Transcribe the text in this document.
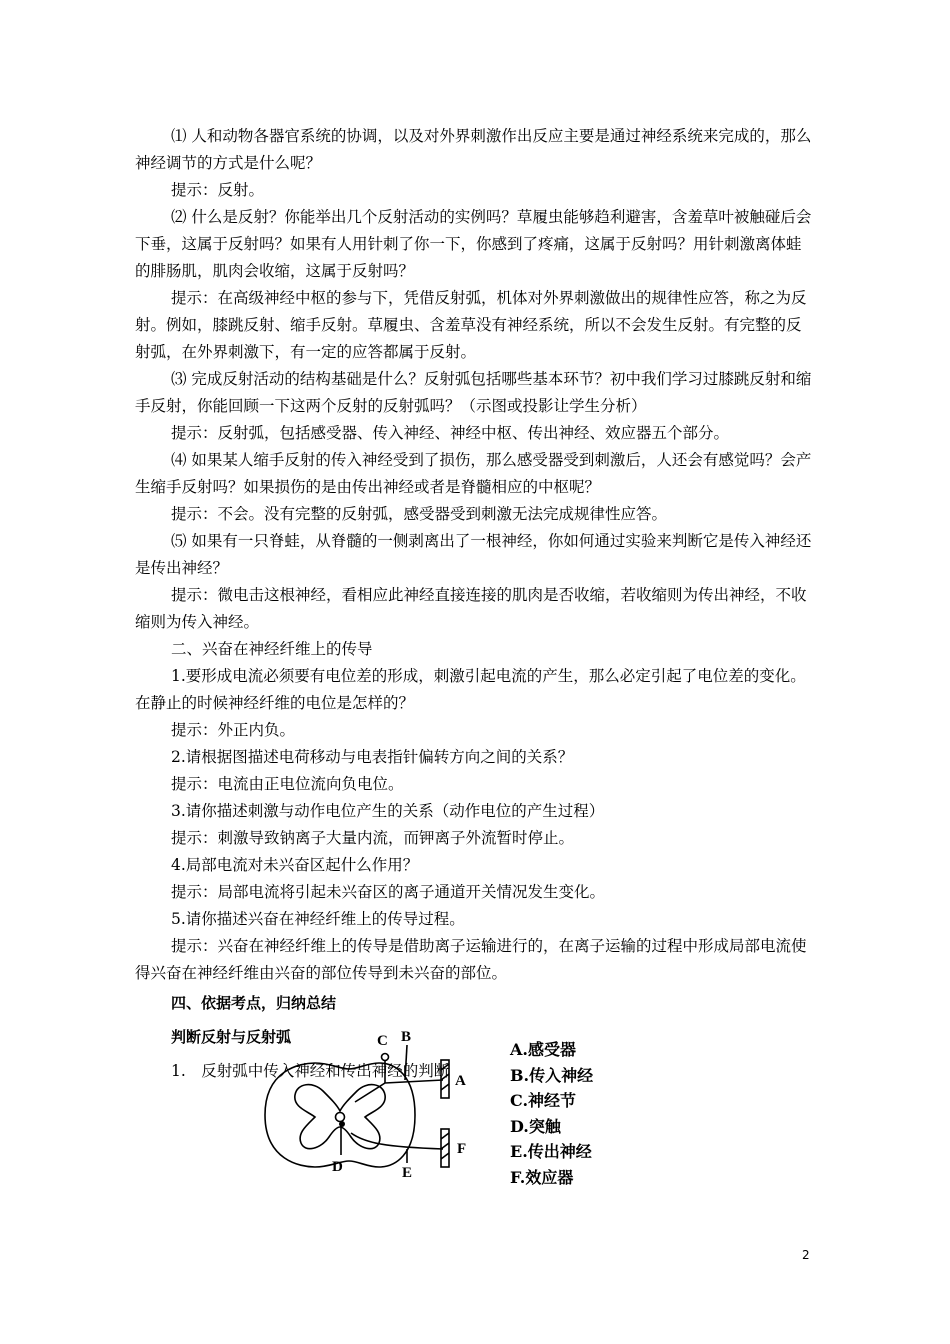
⑴ 人和动物各器官系统的协调，以及对外界刺激作出反应主要是通过神经系统来完成的，那么神经调节的方式是什么呢？

提示：反射。

⑵ 什么是反射？你能举出几个反射活动的实例吗？草履虫能够趋利避害，含羞草叶被触碰后会下垂，这属于反射吗？如果有人用针刺了你一下，你感到了疼痛，这属于反射吗？用针刺激离体蛙的腓肠肌，肌肉会收缩，这属于反射吗？

提示：在高级神经中枢的参与下，凭借反射弧，机体对外界刺激做出的规律性应答，称之为反射。例如，膝跳反射、缩手反射。草履虫、含羞草没有神经系统，所以不会发生反射。有完整的反射弧，在外界刺激下，有一定的应答都属于反射。

⑶ 完成反射活动的结构基础是什么？反射弧包括哪些基本环节？初中我们学习过膝跳反射和缩手反射，你能回顾一下这两个反射的反射弧吗？（示图或投影让学生分析）

提示：反射弧，包括感受器、传入神经、神经中枢、传出神经、效应器五个部分。

⑷ 如果某人缩手反射的传入神经受到了损伤，那么感受器受到刺激后，人还会有感觉吗？会产生缩手反射吗？如果损伤的是由传出神经或者是脊髓相应的中枢呢？

提示：不会。没有完整的反射弧，感受器受到刺激无法完成规律性应答。

⑸ 如果有一只脊蛙，从脊髓的一侧剥离出了一根神经，你如何通过实验来判断它是传入神经还是传出神经？

提示：微电击这根神经，看相应此神经直接连接的肌肉是否收缩，若收缩则为传出神经，不收缩则为传入神经。

二、兴奋在神经纤维上的传导

1.要形成电流必须要有电位差的形成，刺激引起电流的产生，那么必定引起了电位差的变化。在静止的时候神经纤维的电位是怎样的？

提示：外正内负。

2.请根据图描述电荷移动与电表指针偏转方向之间的关系？

提示：电流由正电位流向负电位。

3.请你描述刺激与动作电位产生的关系（动作电位的产生过程）

提示：刺激导致钠离子大量内流，而钾离子外流暂时停止。

4.局部电流对未兴奋区起什么作用？

提示：局部电流将引起未兴奋区的离子通道开关情况发生变化。

5.请你描述兴奋在神经纤维上的传导过程。

提示：兴奋在神经纤维上的传导是借助离子运输进行的，在离子运输的过程中形成局部电流使得兴奋在神经纤维由兴奋的部位传导到未兴奋的部位。

四、依据考点，归纳总结

判断反射与反射弧

1.　反射弧中传入神经和传出神经的判断

C B
A
F
D	E
A.感受器
B.传入神经
C.神经节
D.突触
E.传出神经
F.效应器
2
